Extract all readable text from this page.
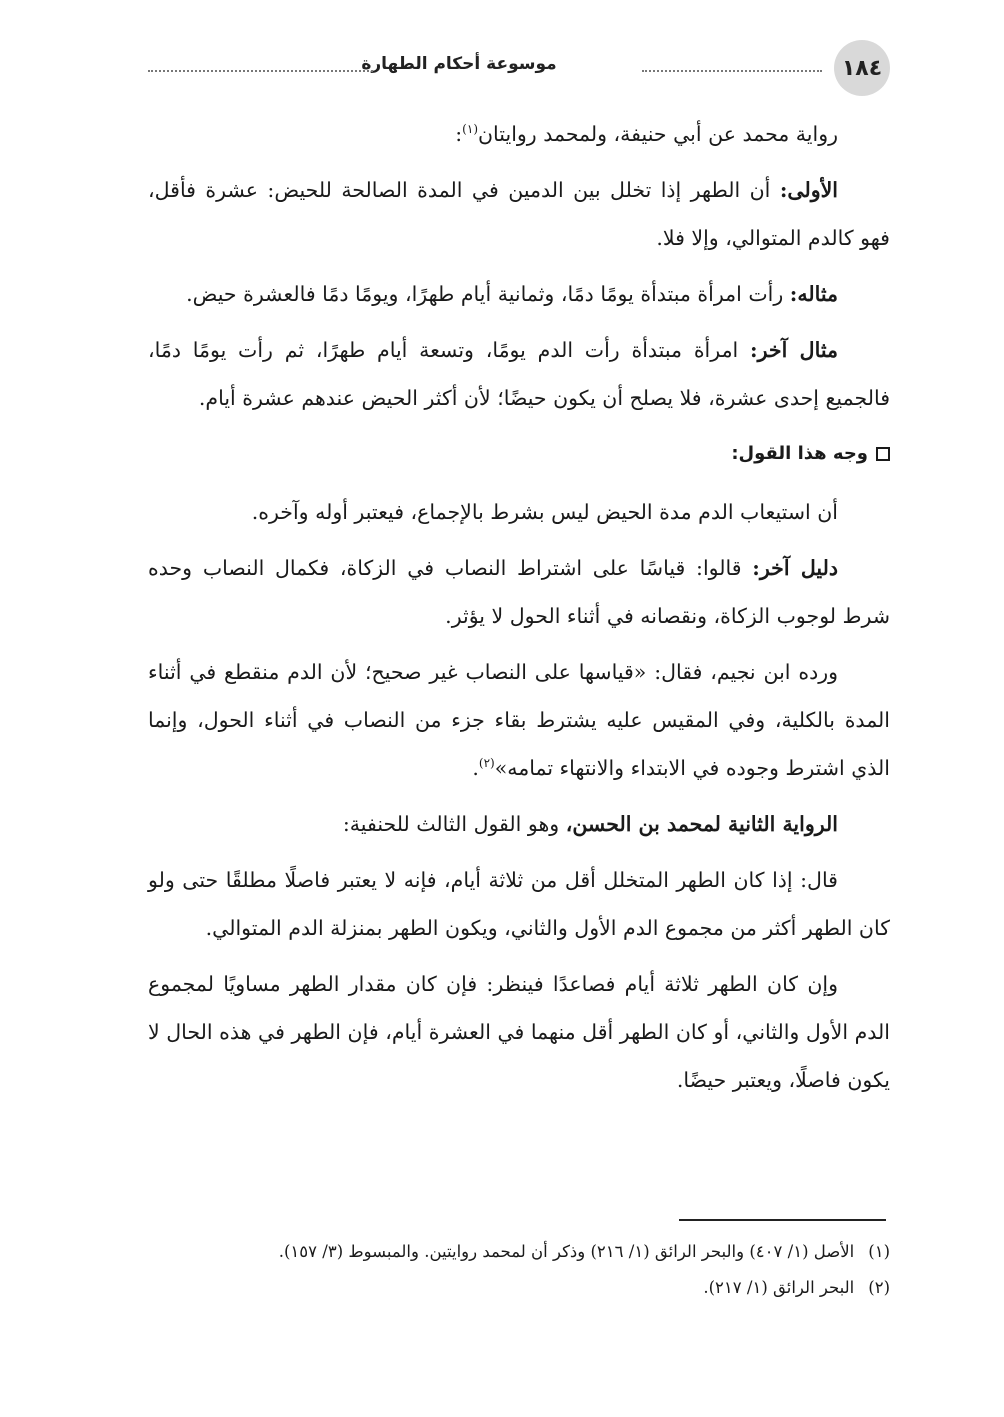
١٨٤
موسوعة أحكام الطهارة

رواية محمد عن أبي حنيفة، ولمحمد روايتان$^{(١)}$:

الأولى: أن الطهر إذا تخلل بين الدمين في المدة الصالحة للحيض: عشرة فأقل، فهو كالدم المتوالي، وإلا فلا.

مثاله: رأت امرأة مبتدأة يومًا دمًا، وثمانية أيام طهرًا، ويومًا دمًا فالعشرة حيض.

مثال آخر: امرأة مبتدأة رأت الدم يومًا، وتسعة أيام طهرًا، ثم رأت يومًا دمًا، فالجميع إحدى عشرة، فلا يصلح أن يكون حيضًا؛ لأن أكثر الحيض عندهم عشرة أيام.

وجه هذا القول:

أن استيعاب الدم مدة الحيض ليس بشرط بالإجماع، فيعتبر أوله وآخره.

دليل آخر: قالوا: قياسًا على اشتراط النصاب في الزكاة، فكمال النصاب وحده شرط لوجوب الزكاة، ونقصانه في أثناء الحول لا يؤثر.

ورده ابن نجيم، فقال: «قياسها على النصاب غير صحيح؛ لأن الدم منقطع في أثناء المدة بالكلية، وفي المقيس عليه يشترط بقاء جزء من النصاب في أثناء الحول، وإنما الذي اشترط وجوده في الابتداء والانتهاء تمامه»$^{(٢)}$.

الرواية الثانية لمحمد بن الحسن، وهو القول الثالث للحنفية:

قال: إذا كان الطهر المتخلل أقل من ثلاثة أيام، فإنه لا يعتبر فاصلًا مطلقًا حتى ولو كان الطهر أكثر من مجموع الدم الأول والثاني، ويكون الطهر بمنزلة الدم المتوالي.

وإن كان الطهر ثلاثة أيام فصاعدًا فينظر: فإن كان مقدار الطهر مساويًا لمجموع الدم الأول والثاني، أو كان الطهر أقل منهما في العشرة أيام، فإن الطهر في هذه الحال لا يكون فاصلًا، ويعتبر حيضًا.

(١)
الأصل (١/ ٤٠٧) والبحر الرائق (١/ ٢١٦) وذكر أن لمحمد روايتين. والمبسوط (٣/ ١٥٧).
(٢)
البحر الرائق (١/ ٢١٧).
